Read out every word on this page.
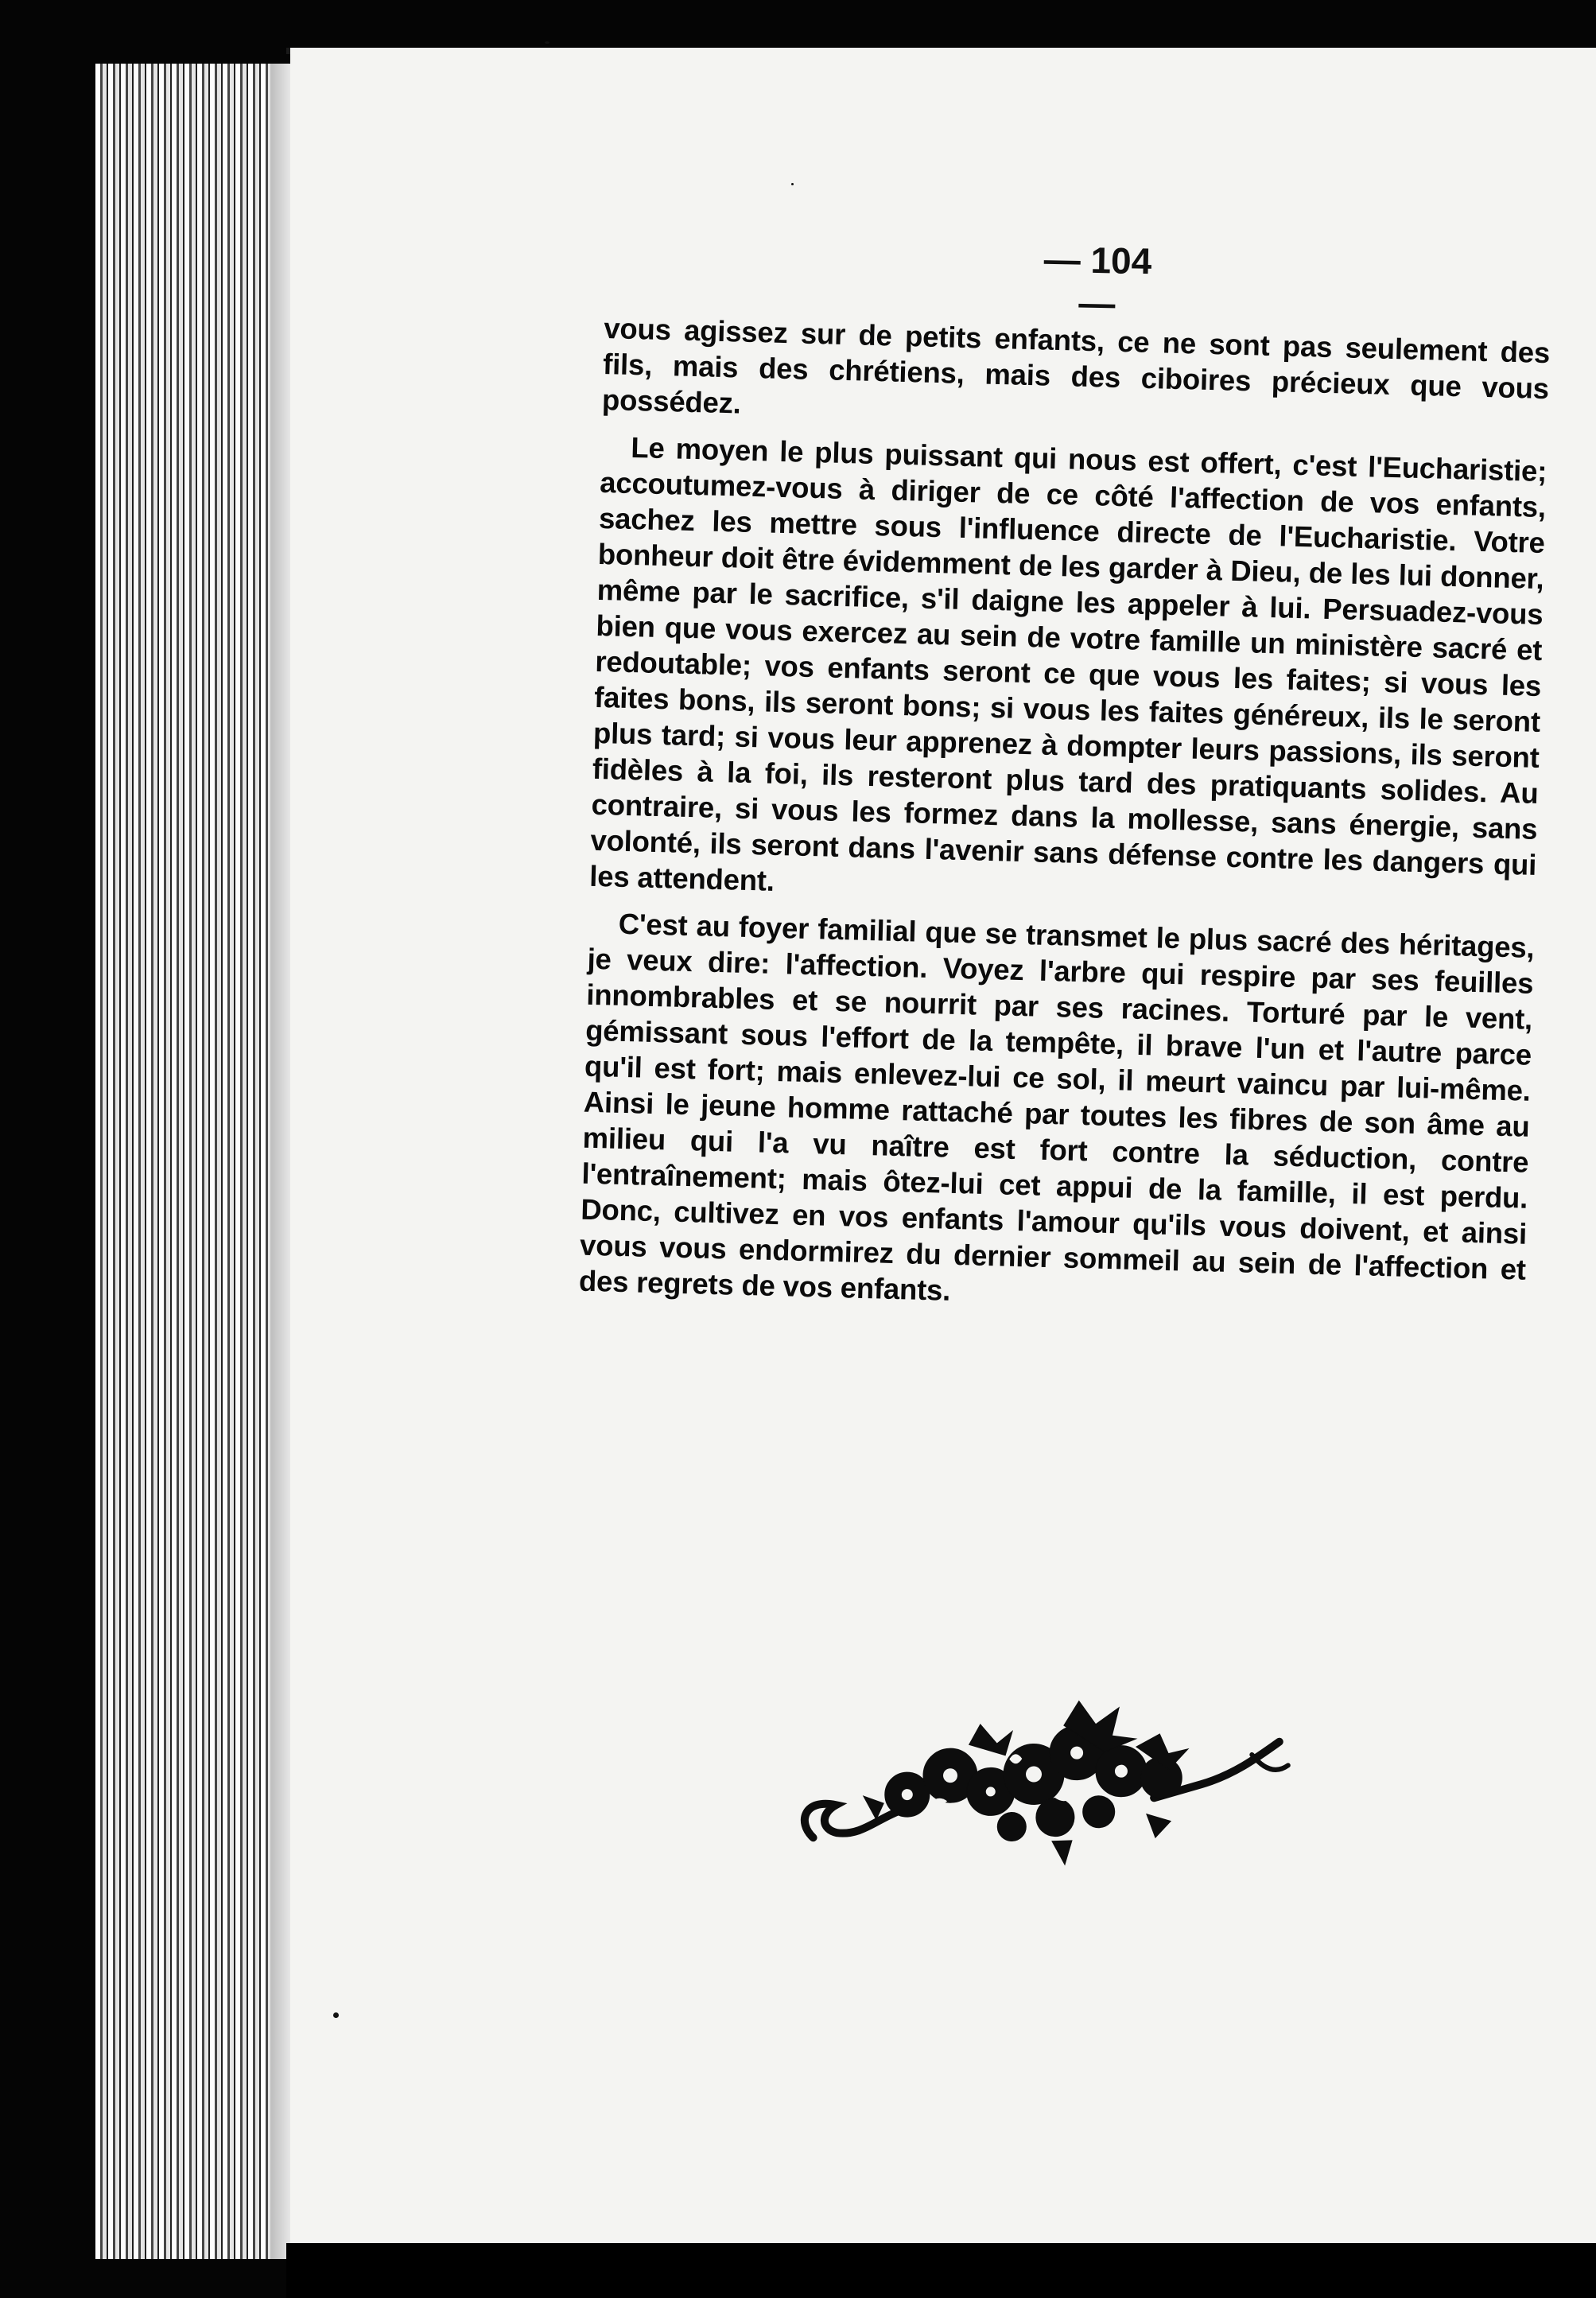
— 104 —

vous agissez sur de petits enfants, ce ne sont pas seulement des fils, mais des chrétiens, mais des ciboires précieux que vous possédez.

Le moyen le plus puissant qui nous est offert, c'est l'Eucharistie; accoutumez-vous à diriger de ce côté l'affection de vos enfants, sachez les mettre sous l'influence directe de l'Eucharistie. Votre bonheur doit être évidemment de les garder à Dieu, de les lui donner, même par le sacrifice, s'il daigne les appeler à lui. Persuadez-vous bien que vous exercez au sein de votre famille un ministère sacré et redoutable; vos enfants seront ce que vous les faites; si vous les faites bons, ils seront bons; si vous les faites généreux, ils le seront plus tard; si vous leur apprenez à dompter leurs passions, ils seront fidèles à la foi, ils resteront plus tard des pratiquants solides. Au contraire, si vous les formez dans la mollesse, sans énergie, sans volonté, ils seront dans l'avenir sans défense contre les dangers qui les attendent.

C'est au foyer familial que se transmet le plus sacré des héritages, je veux dire: l'affection. Voyez l'arbre qui respire par ses feuilles innombrables et se nourrit par ses racines. Torturé par le vent, gémissant sous l'effort de la tempête, il brave l'un et l'autre parce qu'il est fort; mais enlevez-lui ce sol, il meurt vaincu par lui-même. Ainsi le jeune homme rattaché par toutes les fibres de son âme au milieu qui l'a vu naître est fort contre la séduction, contre l'entraînement; mais ôtez-lui cet appui de la famille, il est perdu. Donc, cultivez en vos enfants l'amour qu'ils vous doivent, et ainsi vous vous endormirez du dernier sommeil au sein de l'affection et des regrets de vos enfants.
